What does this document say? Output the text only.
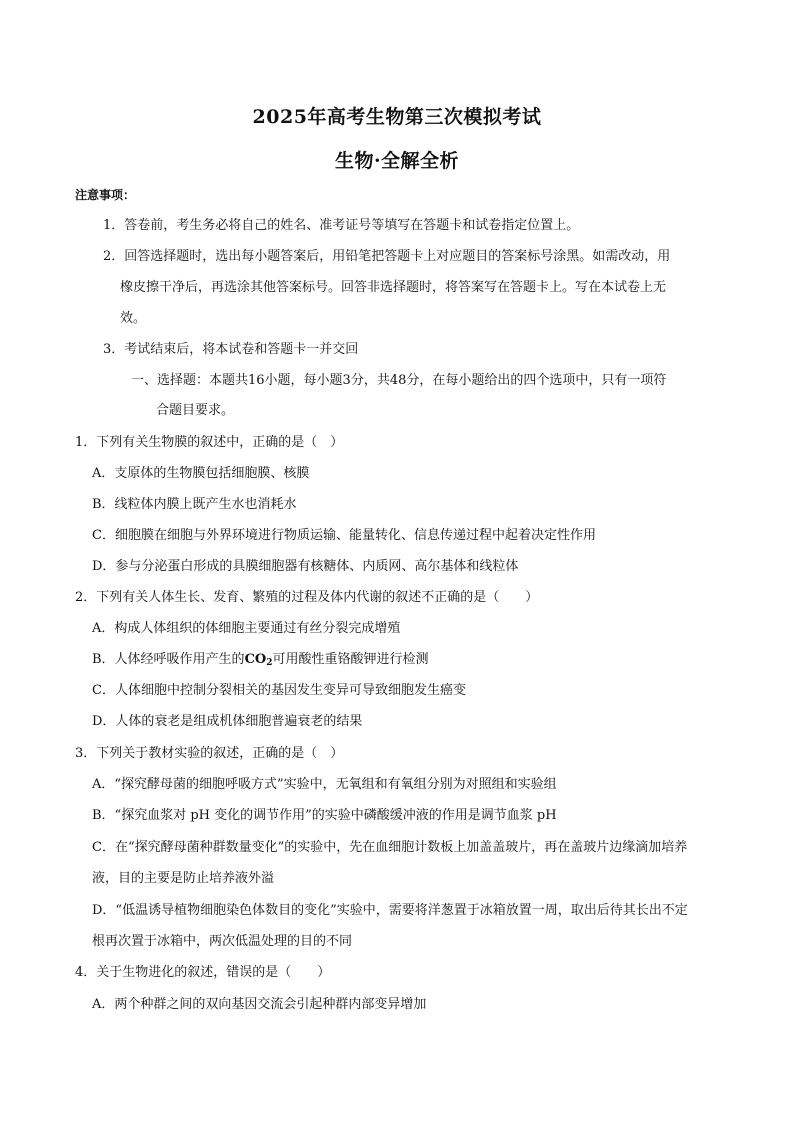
2025年高考生物第三次模拟考试
生物·全解全析
注意事项：
1．答卷前，考生务必将自己的姓名、准考证号等填写在答题卡和试卷指定位置上。
2．回答选择题时，选出每小题答案后，用铅笔把答题卡上对应题目的答案标号涂黑。如需改动，用
橡皮擦干净后，再选涂其他答案标号。回答非选择题时，将答案写在答题卡上。写在本试卷上无
效。
3．考试结束后，将本试卷和答题卡一并交回
一、选择题：本题共16小题，每小题3分，共48分，在每小题给出的四个选项中，只有一项符
合题目要求。
1．下列有关生物膜的叙述中，正确的是（　）
A．支原体的生物膜包括细胞膜、核膜
B．线粒体内膜上既产生水也消耗水
C．细胞膜在细胞与外界环境进行物质运输、能量转化、信息传递过程中起着决定性作用
D．参与分泌蛋白形成的具膜细胞器有核糖体、内质网、高尔基体和线粒体
2．下列有关人体生长、发育、繁殖的过程及体内代谢的叙述不正确的是（　　）
A．构成人体组织的体细胞主要通过有丝分裂完成增殖
B．人体经呼吸作用产生的$CO_2$可用酸性重铬酸钾进行检测
C．人体细胞中控制分裂相关的基因发生变异可导致细胞发生癌变
D．人体的衰老是组成机体细胞普遍衰老的结果
3．下列关于教材实验的叙述，正确的是（　）
A．“探究酵母菌的细胞呼吸方式”实验中，无氧组和有氧组分别为对照组和实验组
B．“探究血浆对 pH 变化的调节作用”的实验中磷酸缓冲液的作用是调节血浆 pH
C．在“探究酵母菌种群数量变化”的实验中，先在血细胞计数板上加盖盖玻片，再在盖玻片边缘滴加培养
液，目的主要是防止培养液外溢
D．“低温诱导植物细胞染色体数目的变化”实验中，需要将洋葱置于冰箱放置一周，取出后待其长出不定
根再次置于冰箱中，两次低温处理的目的不同
4．关于生物进化的叙述，错误的是（　　）
A．两个种群之间的双向基因交流会引起种群内部变异增加
